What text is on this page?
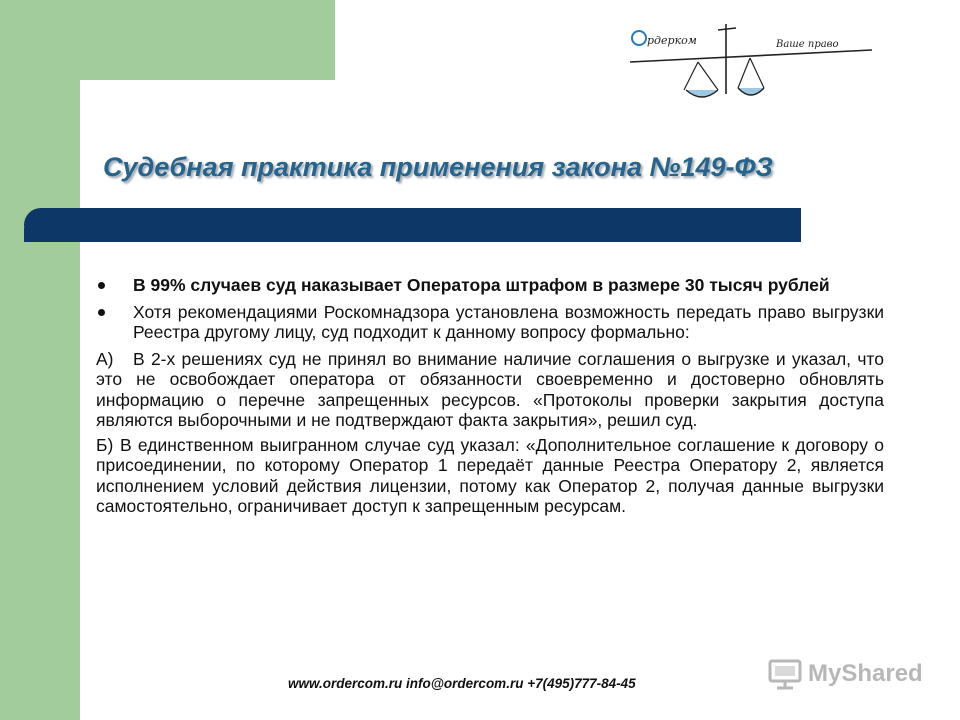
рдерком	Ваше право
Судебная практика применения закона №149-ФЗ
В 99% случаев суд наказывает Оператора штрафом в размере 30 тысяч рублей
Хотя рекомендациями Роскомнадзора установлена возможность передать право выгрузки Реестра другому лицу, суд подходит к данному вопросу формально:
А) В 2-х решениях суд не принял во внимание наличие соглашения о выгрузке и указал, что это не освобождает оператора от обязанности своевременно и достоверно обновлять информацию о перечне запрещенных ресурсов. «Протоколы проверки закрытия доступа являются выборочными и не подтверждают факта закрытия», решил суд.
Б) В единственном выигранном случае суд указал: «Дополнительное соглашение к договору о присоединении, по которому Оператор 1 передаёт данные Реестра Оператору 2, является исполнением условий действия лицензии, потому как Оператор 2, получая данные выгрузки самостоятельно, ограничивает доступ к запрещенным ресурсам.
www.ordercom.ru info@ordercom.ru +7(495)777-84-45	MyShared
